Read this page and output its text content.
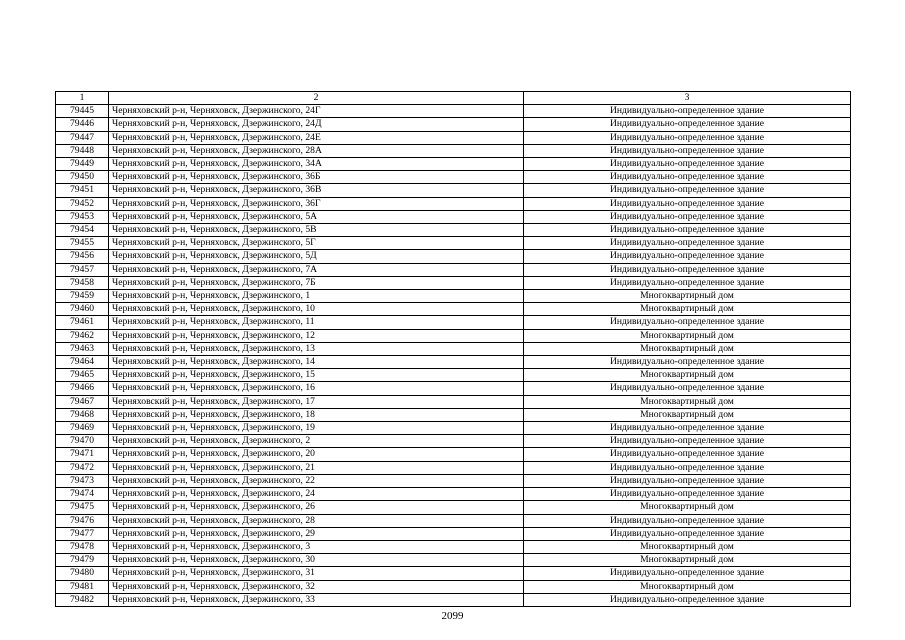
1	2	3
79445	Черняховский р-н, Черняховск, Дзержинского, 24Г	Индивидуально-определенное здание
79446	Черняховский р-н, Черняховск, Дзержинского, 24Д	Индивидуально-определенное здание
79447	Черняховский р-н, Черняховск, Дзержинского, 24Е	Индивидуально-определенное здание
79448	Черняховский р-н, Черняховск, Дзержинского, 28А	Индивидуально-определенное здание
79449	Черняховский р-н, Черняховск, Дзержинского, 34А	Индивидуально-определенное здание
79450	Черняховский р-н, Черняховск, Дзержинского, 36Б	Индивидуально-определенное здание
79451	Черняховский р-н, Черняховск, Дзержинского, 36В	Индивидуально-определенное здание
79452	Черняховский р-н, Черняховск, Дзержинского, 36Г	Индивидуально-определенное здание
79453	Черняховский р-н, Черняховск, Дзержинского, 5А	Индивидуально-определенное здание
79454	Черняховский р-н, Черняховск, Дзержинского, 5В	Индивидуально-определенное здание
79455	Черняховский р-н, Черняховск, Дзержинского, 5Г	Индивидуально-определенное здание
79456	Черняховский р-н, Черняховск, Дзержинского, 5Д	Индивидуально-определенное здание
79457	Черняховский р-н, Черняховск, Дзержинского, 7А	Индивидуально-определенное здание
79458	Черняховский р-н, Черняховск, Дзержинского, 7Б	Индивидуально-определенное здание
79459	Черняховский р-н, Черняховск, Дзержинского, 1	Многоквартирный дом
79460	Черняховский р-н, Черняховск, Дзержинского, 10	Многоквартирный дом
79461	Черняховский р-н, Черняховск, Дзержинского, 11	Индивидуально-определенное здание
79462	Черняховский р-н, Черняховск, Дзержинского, 12	Многоквартирный дом
79463	Черняховский р-н, Черняховск, Дзержинского, 13	Многоквартирный дом
79464	Черняховский р-н, Черняховск, Дзержинского, 14	Индивидуально-определенное здание
79465	Черняховский р-н, Черняховск, Дзержинского, 15	Многоквартирный дом
79466	Черняховский р-н, Черняховск, Дзержинского, 16	Индивидуально-определенное здание
79467	Черняховский р-н, Черняховск, Дзержинского, 17	Многоквартирный дом
79468	Черняховский р-н, Черняховск, Дзержинского, 18	Многоквартирный дом
79469	Черняховский р-н, Черняховск, Дзержинского, 19	Индивидуально-определенное здание
79470	Черняховский р-н, Черняховск, Дзержинского, 2	Индивидуально-определенное здание
79471	Черняховский р-н, Черняховск, Дзержинского, 20	Индивидуально-определенное здание
79472	Черняховский р-н, Черняховск, Дзержинского, 21	Индивидуально-определенное здание
79473	Черняховский р-н, Черняховск, Дзержинского, 22	Индивидуально-определенное здание
79474	Черняховский р-н, Черняховск, Дзержинского, 24	Индивидуально-определенное здание
79475	Черняховский р-н, Черняховск, Дзержинского, 26	Многоквартирный дом
79476	Черняховский р-н, Черняховск, Дзержинского, 28	Индивидуально-определенное здание
79477	Черняховский р-н, Черняховск, Дзержинского, 29	Индивидуально-определенное здание
79478	Черняховский р-н, Черняховск, Дзержинского, 3	Многоквартирный дом
79479	Черняховский р-н, Черняховск, Дзержинского, 30	Многоквартирный дом
79480	Черняховский р-н, Черняховск, Дзержинского, 31	Индивидуально-определенное здание
79481	Черняховский р-н, Черняховск, Дзержинского, 32	Многоквартирный дом
79482	Черняховский р-н, Черняховск, Дзержинского, 33	Индивидуально-определенное здание
2099
